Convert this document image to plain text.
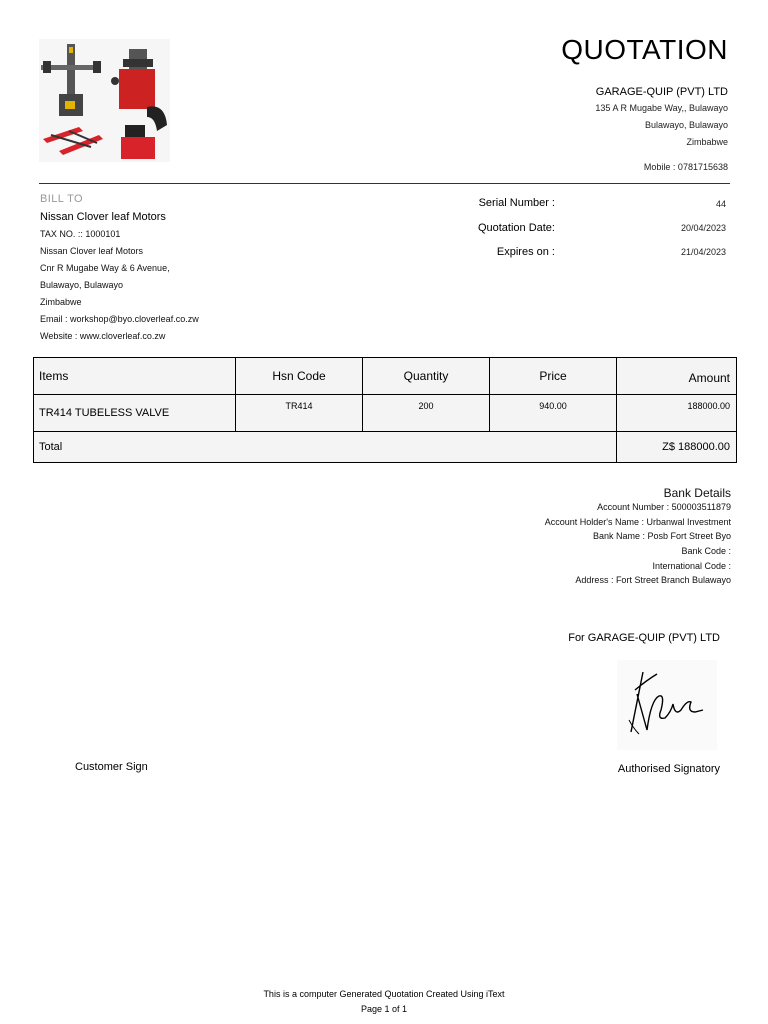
QUOTATION
GARAGE-QUIP (PVT) LTD
135 A R Mugabe Way,, Bulawayo
Bulawayo, Bulawayo
Zimbabwe
Mobile : 0781715638
BILL TO
Nissan Clover leaf Motors
TAX NO. :: 1000101
Nissan Clover leaf Motors
Cnr R Mugabe Way & 6 Avenue,
Bulawayo, Bulawayo
Zimbabwe
Email : workshop@byo.cloverleaf.co.zw
Website : www.cloverleaf.co.zw
Serial Number :	44
Quotation Date:	20/04/2023
Expires on :	21/04/2023
Items	Hsn Code	Quantity	Price	Amount
TR414 TUBELESS VALVE	TR414	200	940.00	188000.00
Total				Z$ 188000.00
Bank Details
Account Number : 500003511879
Account Holder's Name : Urbanwal Investment
Bank Name : Posb Fort Street Byo
Bank Code :
International Code :
Address : Fort Street Branch Bulawayo
For GARAGE-QUIP (PVT) LTD
Customer Sign	Authorised Signatory
This is a computer Generated Quotation Created Using iText
Page 1 of 1
